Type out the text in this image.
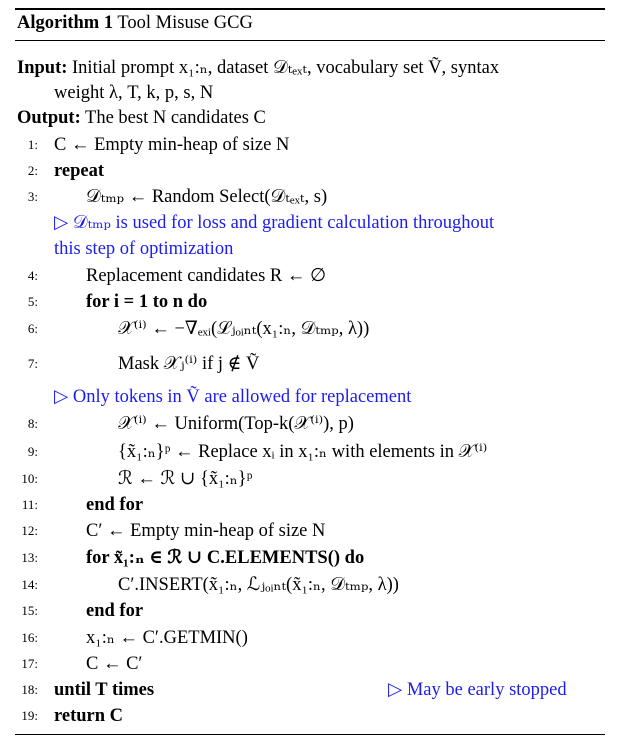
Algorithm 1 Tool Misuse GCG
Input: Initial prompt x₁:ₙ, dataset 𝒟ₜₑₓₜ, vocabulary set Ṽ, syntax
weight λ, T, k, p, s, N
Output: The best N candidates C
1: C ← Empty min-heap of size N
2: repeat
3:	𝒟ₜₘₚ ← Random Select(𝒟ₜₑₓₜ, s)
▷ 𝒟ₜₘₚ is used for loss and gradient calculation throughout
this step of optimization
4:	Replacement candidates R ← ∅
5:	for i = 1 to n do
6:	𝒳⁽ⁱ⁾ ← −∇ₑₓᵢ(ℒⱼₒᵢₙₜ(x₁:ₙ, 𝒟ₜₘₚ, λ))
7:	Mask 𝒳ⱼ⁽ⁱ⁾ if j ∉ Ṽ
▷ Only tokens in Ṽ are allowed for replacement
8:	𝒳⁽ⁱ⁾ ← Uniform(Top-k(𝒳⁽ⁱ⁾), p)
9:	{x̃₁:ₙ}ᵖ ← Replace xᵢ in x₁:ₙ with elements in 𝒳⁽ⁱ⁾
10:	ℛ ← ℛ ∪ {x̃₁:ₙ}ᵖ
11:	end for
12:	C′ ← Empty min-heap of size N
13:	for x̃₁:ₙ ∈ ℛ ∪ C.ELEMENTS() do
14:	C′.INSERT(x̃₁:ₙ, ℒⱼₒᵢₙₜ(x̃₁:ₙ, 𝒟ₜₘₚ, λ))
15:	end for
16:	x₁:ₙ ← C′.GETMIN()
17:	C ← C′
18: until T times	▷ May be early stopped
19: return C
